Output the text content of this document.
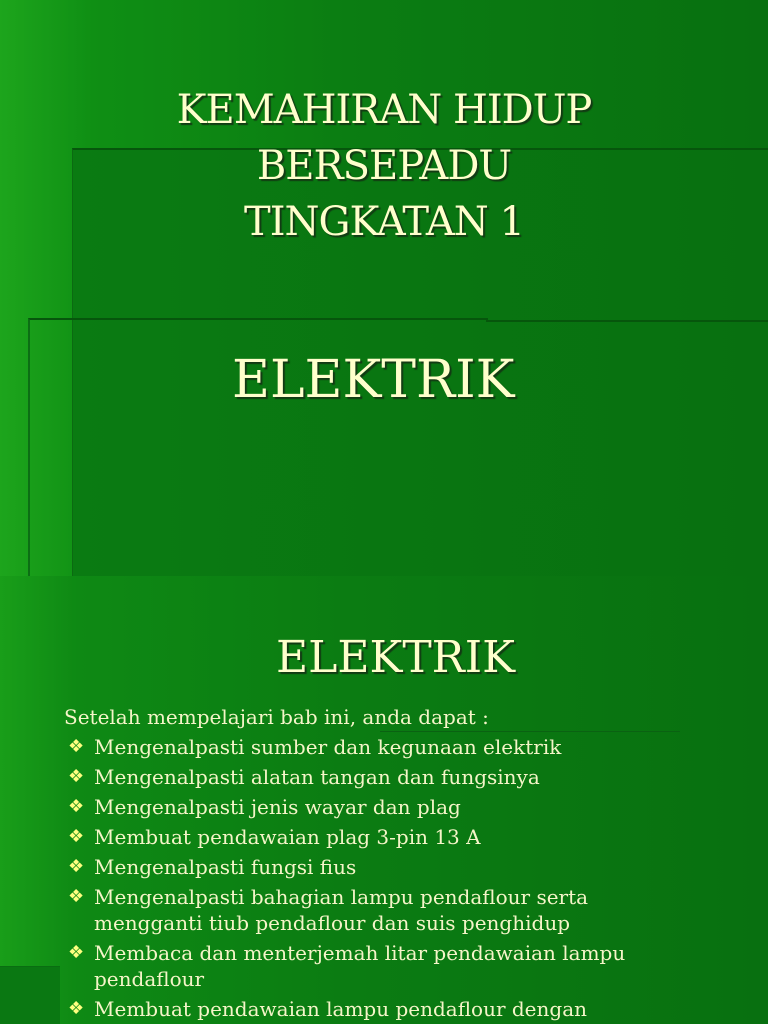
KEMAHIRAN HIDUP
BERSEPADU
TINGKATAN 1
ELEKTRIK
ELEKTRIK

Setelah mempelajari bab ini, anda dapat :

❖ Mengenalpasti sumber dan kegunaan elektrik
❖ Mengenalpasti alatan tangan dan fungsinya
❖ Mengenalpasti jenis wayar dan plag
❖ Membuat pendawaian plag 3-pin 13 A
❖ Mengenalpasti fungsi fius
❖ Mengenalpasti bahagian lampu pendaflour serta mengganti tiub pendaflour dan suis penghidup
❖ Membaca dan menterjemah litar pendawaian lampu pendaflour
❖ Membuat pendawaian lampu pendaflour dengan
